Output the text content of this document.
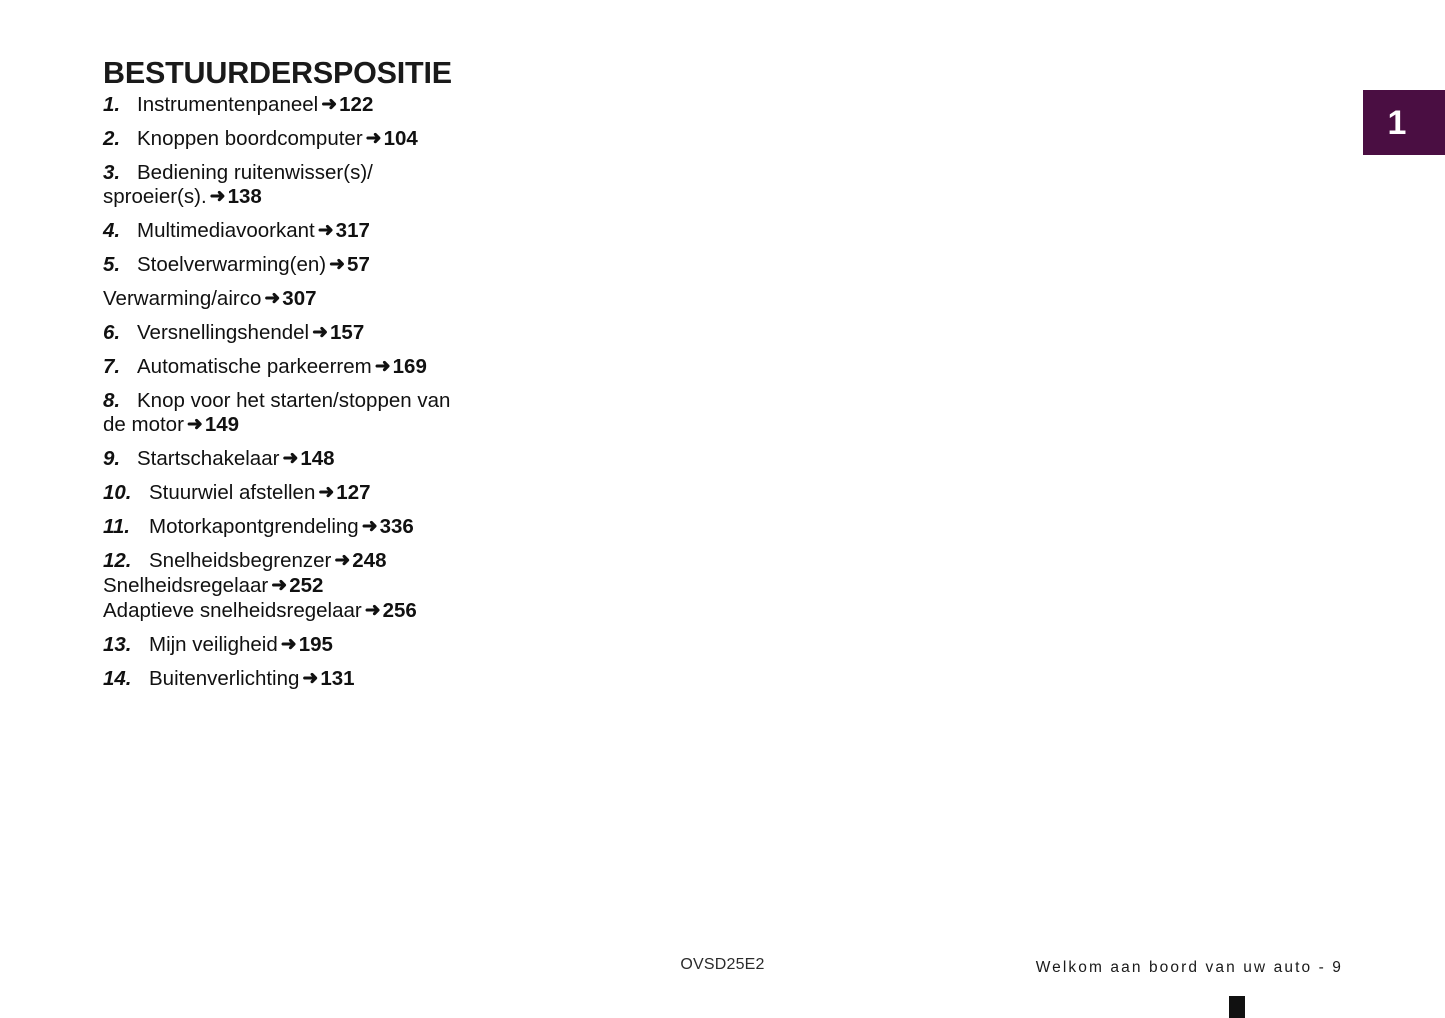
1
BESTUURDERSPOSITIE
1. Instrumentenpaneel ➜122
2. Knoppen boordcomputer ➜104
3. Bediening ruitenwisser(s)/
sproeier(s). ➜138
4. Multimediavoorkant ➜317
5. Stoelverwarming(en) ➜57
Verwarming/airco ➜307
6. Versnellingshendel ➜157
7. Automatische parkeerrem ➜169
8. Knop voor het starten/stoppen van
de motor ➜149
9. Startschakelaar ➜148
10. Stuurwiel afstellen ➜127
11. Motorkapontgrendeling ➜336
12. Snelheidsbegrenzer ➜248
Snelheidsregelaar ➜252
Adaptieve snelheidsregelaar ➜256
13. Mijn veiligheid ➜195
14. Buitenverlichting ➜131
OVSD25E2	Welkom aan boord van uw auto - 9
